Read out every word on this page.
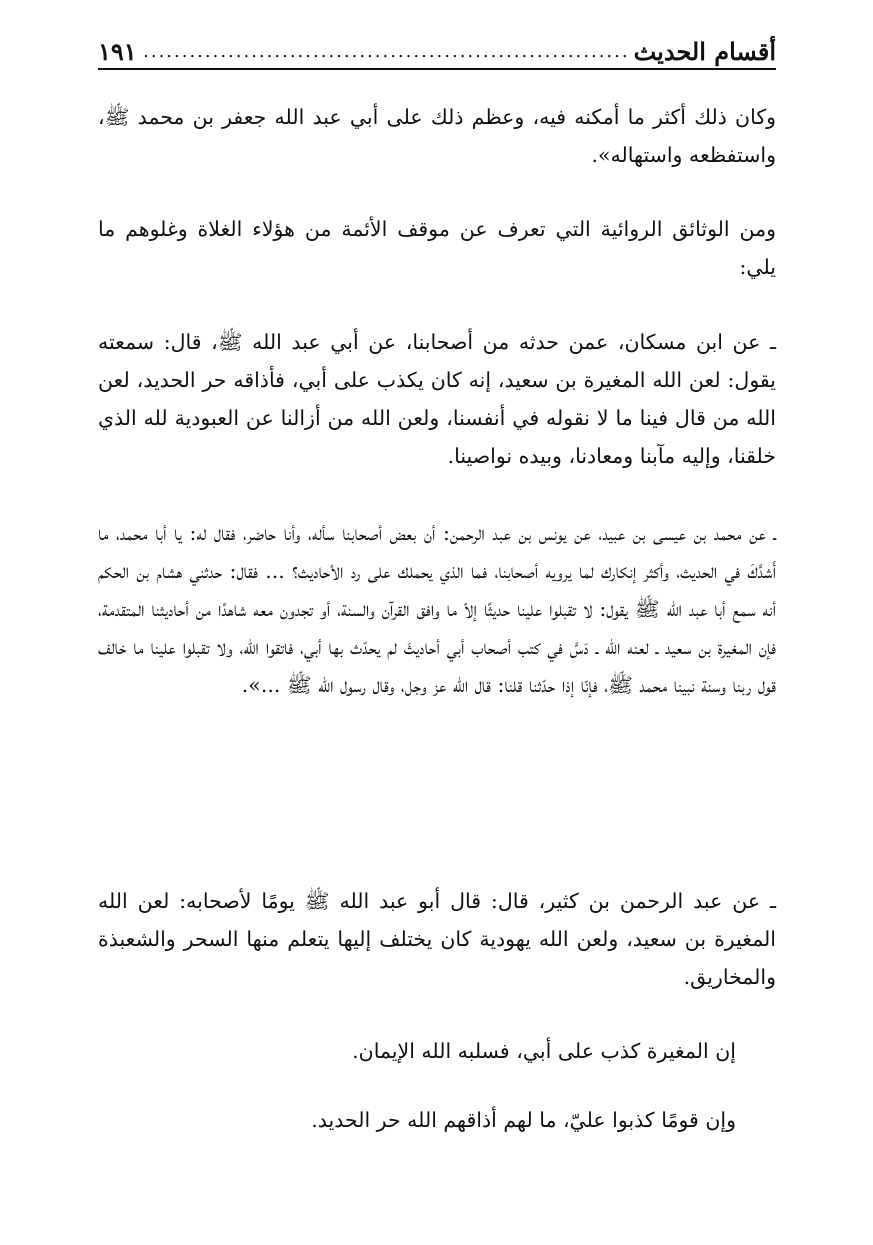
أقسام الحديث
.....
١٩١

وكان ذلك أكثر ما أمكنه فيه، وعظم ذلك على أبي عبد الله جعفر بن محمد ﷺ، واستفظعه واستهاله».

ومن الوثائق الروائية التي تعرف عن موقف الأئمة من هؤلاء الغلاة وغلوهم ما يلي:

ـ عن ابن مسكان، عمن حدثه من أصحابنا، عن أبي عبد الله ﷺ، قال: سمعته يقول: لعن الله المغيرة بن سعيد، إنه كان يكذب على أبي، فأذاقه حر الحديد، لعن الله من قال فينا ما لا نقوله في أنفسنا، ولعن الله من أزالنا عن العبودية لله الذي خلقنا، وإليه مآبنا ومعادنا، وبيده نواصينا.

ـ عن محمد بن عيسى بن عبيد، عن يونس بن عبد الرحمن: أن بعض أصحابنا سأله، وأنا حاضر، فقال له: يا أبا محمد، ما أَشدَّكَ في الحديث، وأكثر إنكارك لما يرويه أصحابنا، فما الذي يحملك على رد الأحاديث؟ ... فقال: حدثني هشام بن الحكم أنه سمع أبا عبد الله ﷺ يقول: لا تقبلوا علينا حديثًا إلاّ ما وافق القرآن والسنة، أو تجدون معه شاهدًا من أحاديثنا المتقدمة، فإن المغيرة بن سعيد ـ لعنه الله ـ دَسَّ في كتب أصحاب أبي أحاديثَ لم يحدّث بها أبي، فاتقوا الله، ولا تقبلوا علينا ما خالف قول ربنا وسنة نبينا محمد ﷺ، فإنّا إذا حدّثنا قلنا: قال الله عز وجل، وقال رسول الله ﷺ ...».

ـ عن عبد الرحمن بن كثير، قال: قال أبو عبد الله ﷺ يومًا لأصحابه: لعن الله المغيرة بن سعيد، ولعن الله يهودية كان يختلف إليها يتعلم منها السحر والشعبذة والمخاريق.

إن المغيرة كذب على أبي، فسلبه الله الإيمان.

وإن قومًا كذبوا عليّ، ما لهم أذاقهم الله حر الحديد.
